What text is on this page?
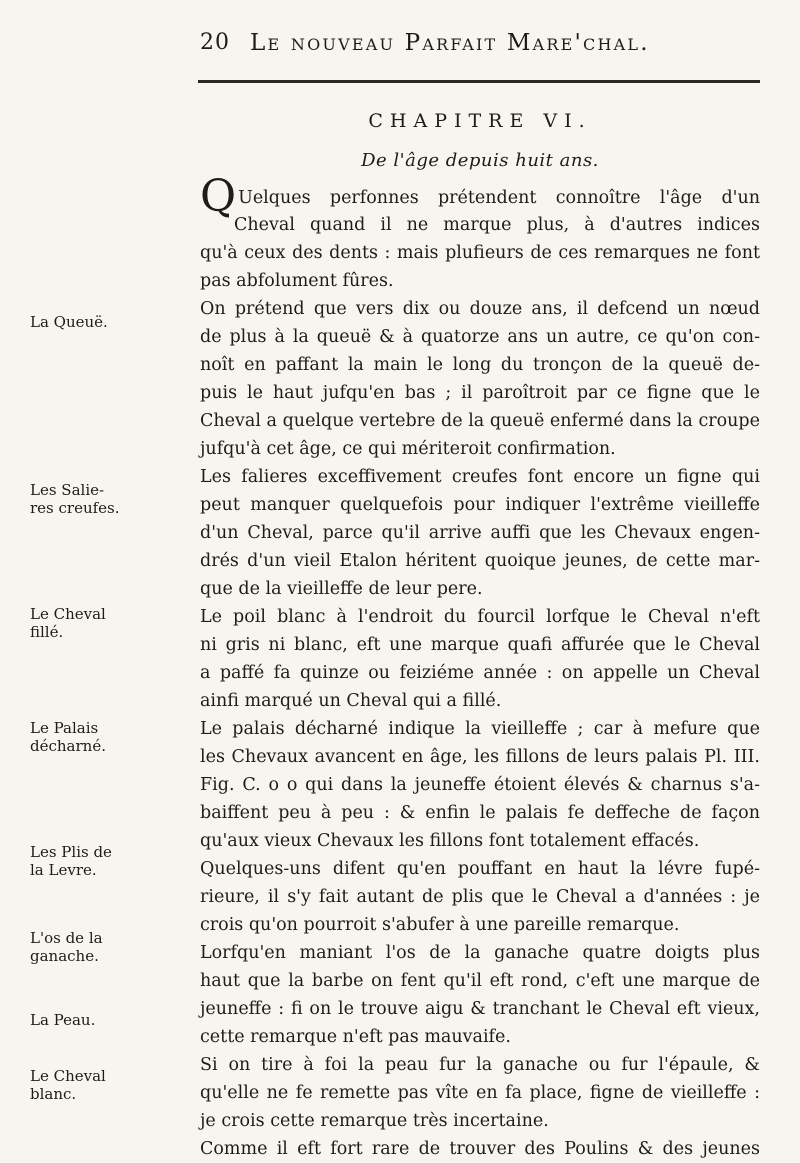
20 Le nouveau Parfait Mare'chal.
CHAPITRE VI.
De l'âge depuis huit ans.
Q Uelques perfonnes prétendent connoître l'âge d'un
Cheval quand il ne marque plus, à d'autres indices
qu'à ceux des dents : mais plufieurs de ces remarques ne font
pas abfolument fûres.
On prétend que vers dix ou douze ans, il defcend un nœud
de plus à la queuë & à quatorze ans un autre, ce qu'on con-
noît en paffant la main le long du tronçon de la queuë de-
puis le haut jufqu'en bas ; il paroîtroit par ce figne que le
Cheval a quelque vertebre de la queuë enfermé dans la croupe
jufqu'à cet âge, ce qui mériteroit confirmation.
Les falieres exceffivement creufes font encore un figne qui
peut manquer quelquefois pour indiquer l'extrême vieilleffe
d'un Cheval, parce qu'il arrive auffi que les Chevaux engen-
drés d'un vieil Etalon héritent quoique jeunes, de cette mar-
que de la vieilleffe de leur pere.
Le poil blanc à l'endroit du fourcil lorfque le Cheval n'eft
ni gris ni blanc, eft une marque quafi affurée que le Cheval
a paffé fa quinze ou feiziéme année : on appelle un Cheval
ainfi marqué un Cheval qui a fillé.
Le palais décharné indique la vieilleffe ; car à mefure que
les Chevaux avancent en âge, les fillons de leurs palais Pl. III.
Fig. C. o o qui dans la jeuneffe étoient élevés & charnus s'a-
baiffent peu à peu : & enfin le palais fe deffeche de façon
qu'aux vieux Chevaux les fillons font totalement effacés.
Quelques-uns difent qu'en pouffant en haut la lévre fupé-
rieure, il s'y fait autant de plis que le Cheval a d'années : je
crois qu'on pourroit s'abufer à une pareille remarque.
Lorfqu'en maniant l'os de la ganache quatre doigts plus
haut que la barbe on fent qu'il eft rond, c'eft une marque de
jeuneffe : fi on le trouve aigu & tranchant le Cheval eft vieux,
cette remarque n'eft pas mauvaife.
Si on tire à foi la peau fur la ganache ou fur l'épaule, &
qu'elle ne fe remette pas vîte en fa place, figne de vieilleffe :
je crois cette remarque très incertaine.
Comme il eft fort rare de trouver des Poulins & des jeunes
La Queuë.
Les Salie-
res creufes.
Le Cheval
fillé.
Le Palais
décharné.
Les Plis de
la Levre.
L'os de la
ganache.
La Peau.
Le Cheval
blanc.
